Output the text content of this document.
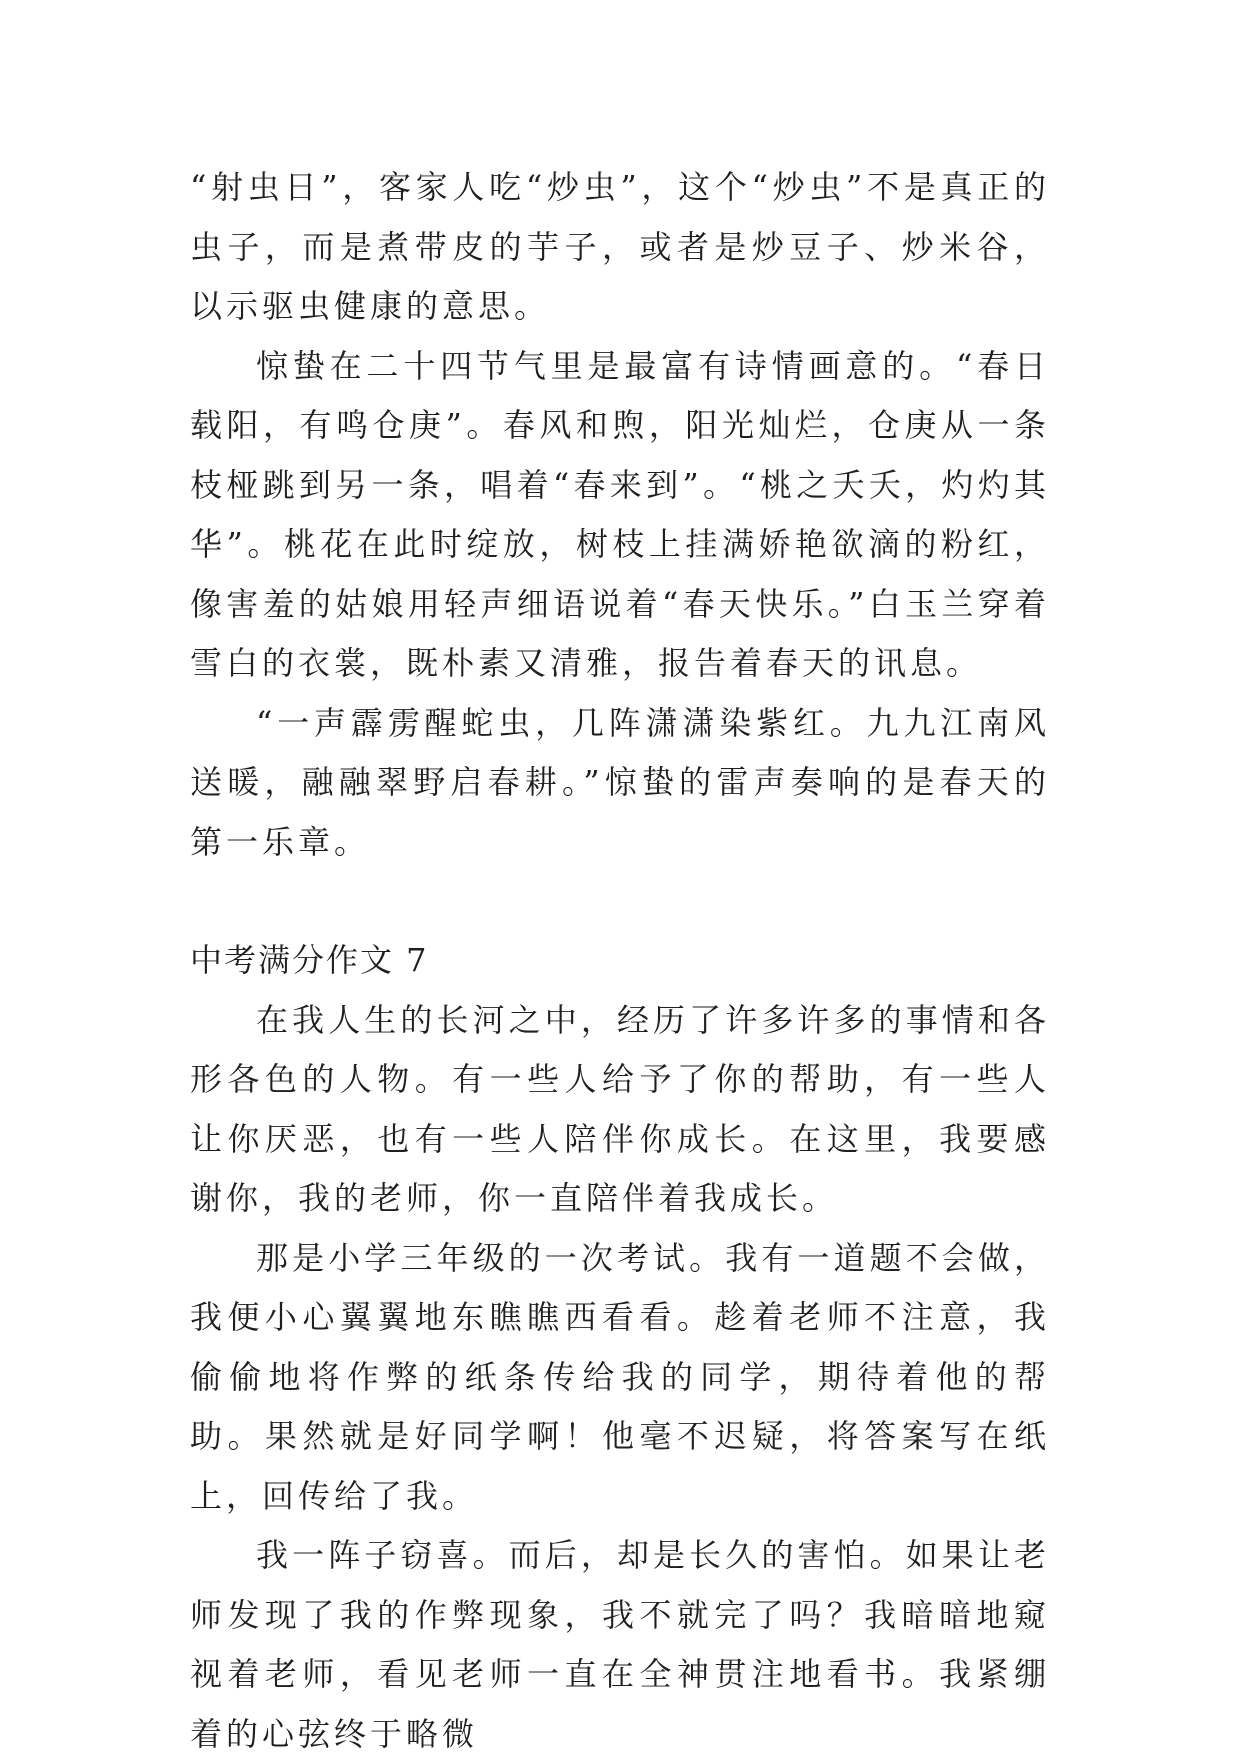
“射虫日”，客家人吃“炒虫”，这个“炒虫”不是真正的虫子，而是煮带皮的芋子，或者是炒豆子、炒米谷，以示驱虫健康的意思。

惊蛰在二十四节气里是最富有诗情画意的。“春日载阳，有鸣仓庚”。春风和煦，阳光灿烂，仓庚从一条枝桠跳到另一条，唱着“春来到”。“桃之夭夭，灼灼其华”。桃花在此时绽放，树枝上挂满娇艳欲滴的粉红，像害羞的姑娘用轻声细语说着“春天快乐。”白玉兰穿着雪白的衣裳，既朴素又清雅，报告着春天的讯息。

“一声霹雳醒蛇虫，几阵潇潇染紫红。九九江南风送暖，融融翠野启春耕。”惊蛰的雷声奏响的是春天的第一乐章。

中考满分作文 7

在我人生的长河之中，经历了许多许多的事情和各形各色的人物。有一些人给予了你的帮助，有一些人让你厌恶，也有一些人陪伴你成长。在这里，我要感谢你，我的老师，你一直陪伴着我成长。

那是小学三年级的一次考试。我有一道题不会做，我便小心翼翼地东瞧瞧西看看。趁着老师不注意，我偷偷地将作弊的纸条传给我的同学，期待着他的帮助。果然就是好同学啊！他毫不迟疑，将答案写在纸上，回传给了我。

我一阵子窃喜。而后，却是长久的害怕。如果让老师发现了我的作弊现象，我不就完了吗？我暗暗地窥视着老师，看见老师一直在全神贯注地看书。我紧绷着的心弦终于略微
